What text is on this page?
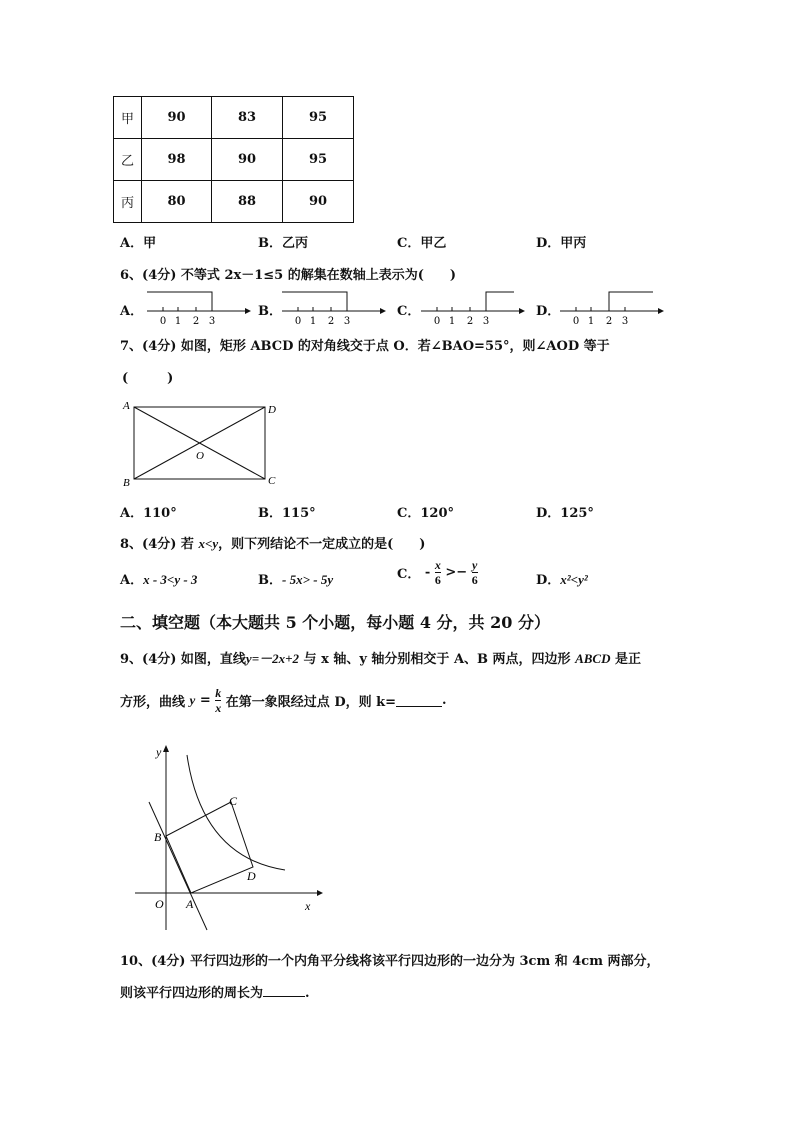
甲	90	83	95
乙	98	90	95
丙	80	88	90
A．甲	B．乙丙	C．甲乙	D．甲丙
6、(4分) 不等式 2x－1≤5 的解集在数轴上表示为(　　)
A．	B．	C．	D．
0 1 2 3	0 1 2 3	0 1 2 3	0 1 2 3
7、(4分) 如图，矩形 ABCD 的对角线交于点 O．若∠BAO=55°，则∠AOD 等于
(　　　)
A	D
B	C
O
A．110°	B．115°	C．120°	D．125°
8、(4分) 若 x<y，则下列结论不一定成立的是(　　)
A．x - 3<y - 3	B．- 5x> - 5y	C． - $\frac{x}{6} >- \frac{y}{6}$	D．x²<y²
二、填空题（本大题共 5 个小题，每小题 4 分，共 20 分）
9、(4分) 如图，直线y=－2x+2 与 x 轴、y 轴分别相交于 A、B 两点，四边形 ABCD 是正
方形，曲线 $y = \frac{k}{x}$ 在第一象限经过点 D，则 k=	.
y
x
O A
B
C
D
10、(4分) 平行四边形的一个内角平分线将该平行四边形的一边分为 3cm 和 4cm 两部分，
则该平行四边形的周长为	.
